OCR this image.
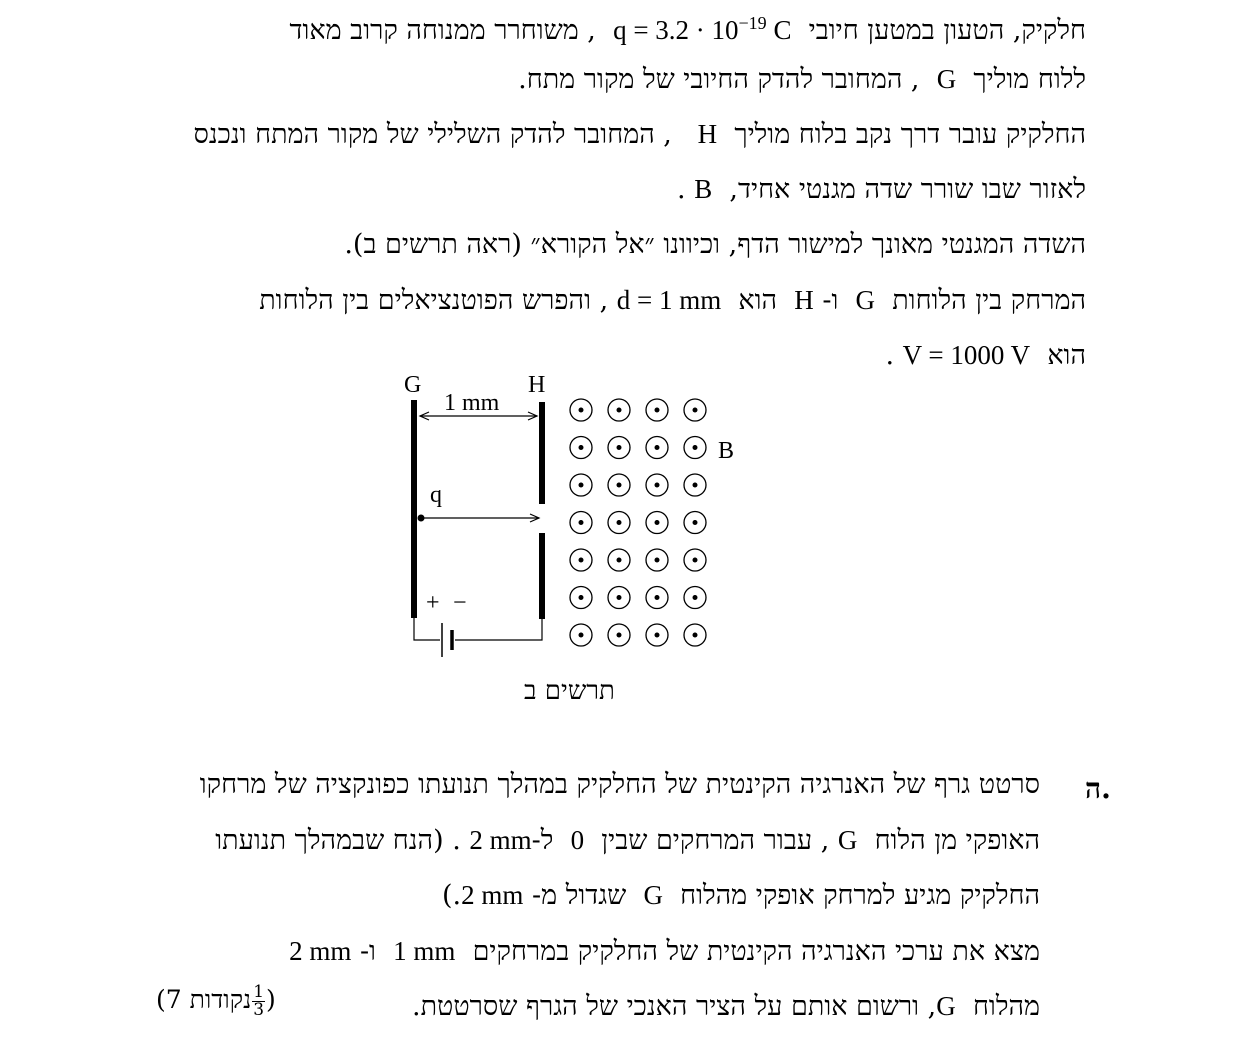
חלקיק, הטעון במטען חיובי  $q = 3.2 \cdot 10^{-19}$ C  , משוחרר ממנוחה קרוב מאוד
ללוח מוליך  G  , המחובר להדק החיובי של מקור מתח.
החלקיק עובר דרך נקב בלוח מוליך  H   , המחובר להדק השלילי של מקור המתח ונכנס
לאזור שבו שורר שדה מגנטי אחיד,  B .
השדה המגנטי מאונך למישור הדף, וכיוונו ״אל הקורא״ (ראה תרשים ב).
המרחק בין הלוחות  G  ו- H  הוא  d = 1 mm , והפרש הפוטנציאלים בין הלוחות
הוא  V = 1000 V .
G	H
1 mm
q
+ −
B
תרשים ב
ה.
סרטט גרף של האנרגיה הקינטית של החלקיק במהלך תנועתו כפונקציה של מרחקו
האופקי מן הלוח  G , עבור המרחקים שבין  0  ל-2 mm . (הנח שבמהלך תנועתו
החלקיק מגיע למרחק אופקי מהלוח  G  שגדול מ- 2 mm.)
מצא את ערכי האנרגיה הקינטית של החלקיק במרחקים  1 mm  ו- 2 mm
מהלוח  G, ורשום אותם על הציר האנכי של הגרף שסרטטת.
( נקודות 7	$\frac{1}{3}$ )
